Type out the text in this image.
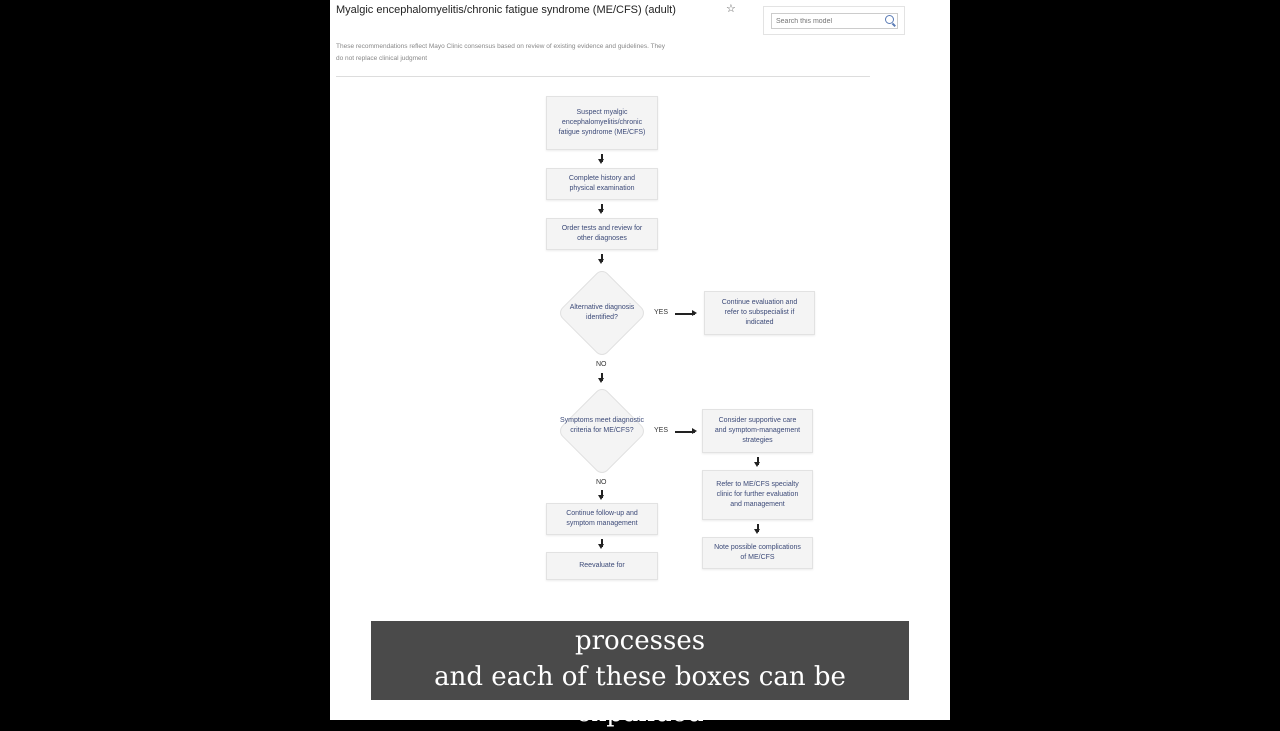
Myalgic encephalomyelitis/chronic fatigue syndrome (ME/CFS) (adult)	☆
Search this model
These recommendations reflect Mayo Clinic consensus based on review of existing evidence and guidelines. They do not replace clinical judgment
Suspect myalgic encephalomyelitis/chronic fatigue syndrome (ME/CFS)
Complete history and physical examination
Order tests and review for other diagnoses
Alternative diagnosis identified?
YES
Continue evaluation and refer to subspecialist if indicated
NO
Symptoms meet diagnostic criteria for ME/CFS?	YES
Consider supportive care and symptom-management strategies
Refer to ME/CFS specialty clinic for further evaluation and management
Note possible complications of ME/CFS
NO
Continue follow-up and symptom management
Reevaluate for
processes
and each of these boxes can be expanded
